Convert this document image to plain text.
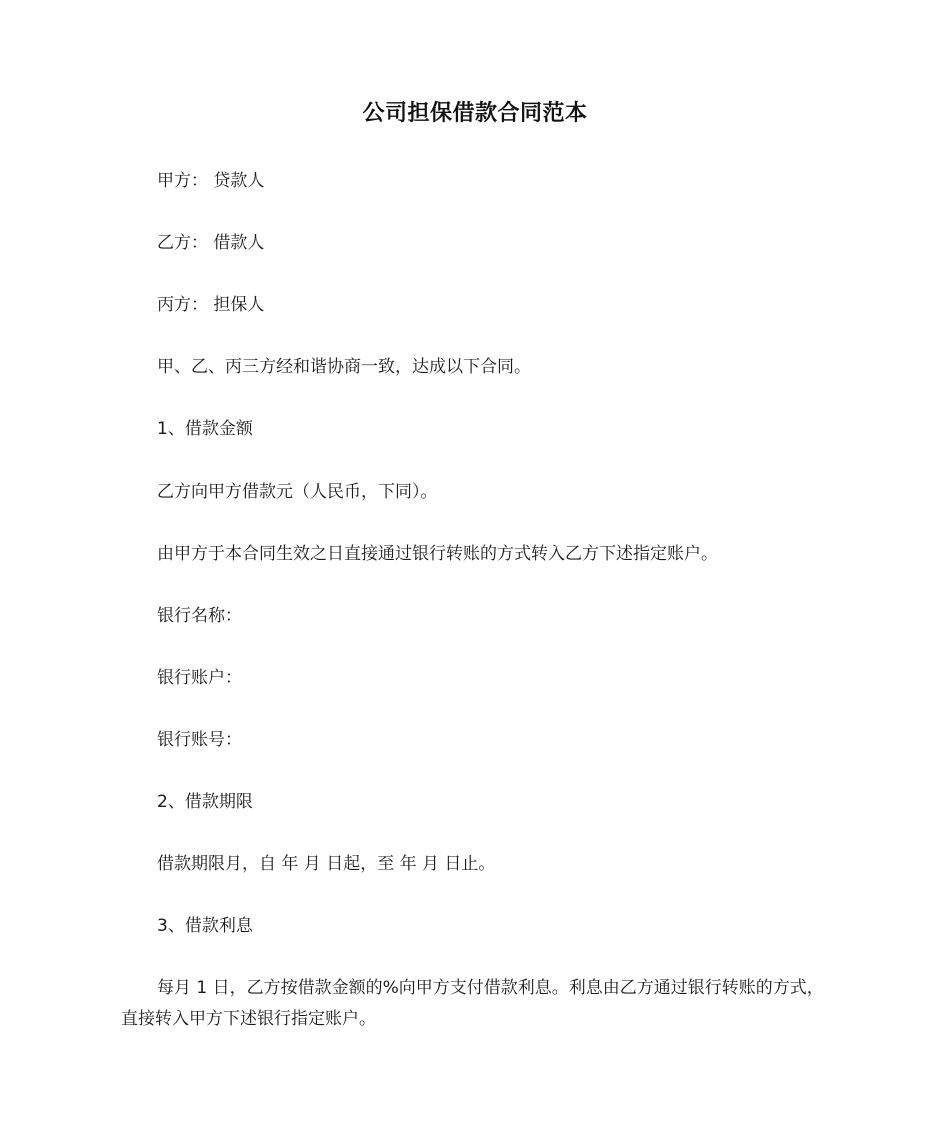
公司担保借款合同范本
甲方： 贷款人
乙方： 借款人
丙方： 担保人
甲、乙、丙三方经和谐协商一致，达成以下合同。
1、借款金额
乙方向甲方借款元（人民币，下同）。
由甲方于本合同生效之日直接通过银行转账的方式转入乙方下述指定账户。
银行名称：
银行账户：
银行账号：
2、借款期限
借款期限月，自 年 月 日起，至 年 月 日止。
3、借款利息
每月 1 日，乙方按借款金额的%向甲方支付借款利息。利息由乙方通过银行转账的方式，直接转入甲方下述银行指定账户。
